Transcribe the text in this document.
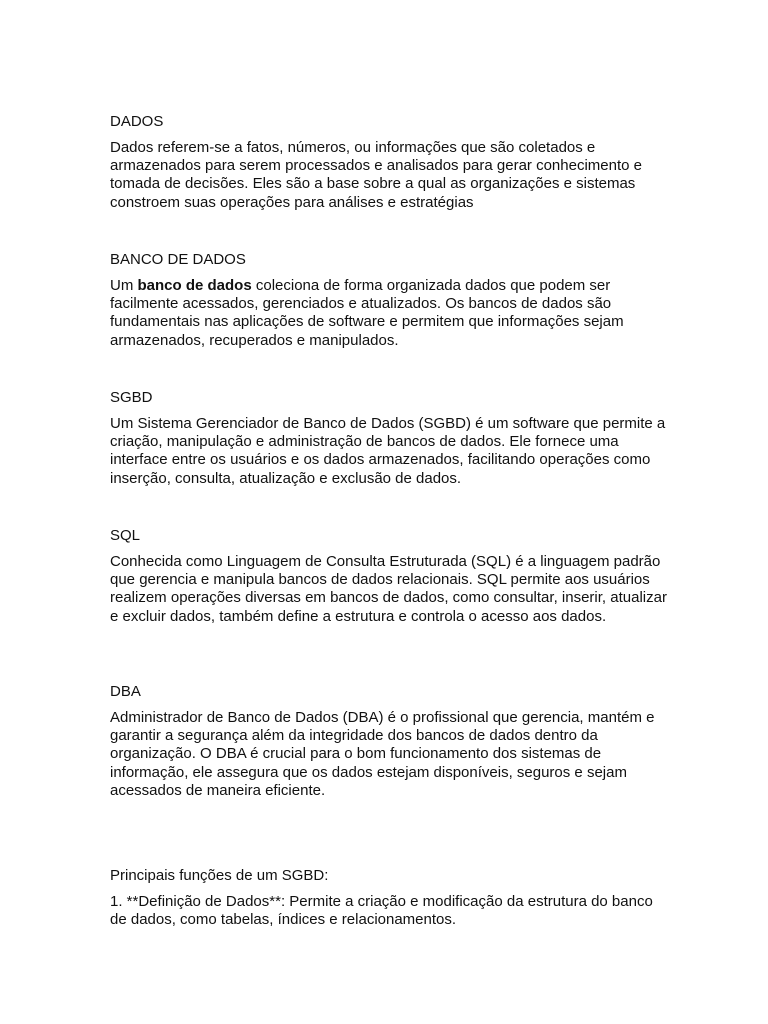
DADOS

Dados referem-se a fatos, números, ou informações que são coletados e armazenados para serem processados e analisados para gerar conhecimento e tomada de decisões. Eles são a base sobre a qual as organizações e sistemas constroem suas operações para análises e estratégias

BANCO DE DADOS

Um banco de dados coleciona de forma organizada dados que podem ser facilmente acessados, gerenciados e atualizados. Os bancos de dados são fundamentais nas aplicações de software e permitem que informações sejam armazenados, recuperados e manipulados.

SGBD

Um Sistema Gerenciador de Banco de Dados (SGBD) é um software que permite a criação, manipulação e administração de bancos de dados. Ele fornece uma interface entre os usuários e os dados armazenados, facilitando operações como inserção, consulta, atualização e exclusão de dados.

SQL

Conhecida como Linguagem de Consulta Estruturada (SQL) é a linguagem padrão que gerencia e manipula bancos de dados relacionais. SQL permite aos usuários realizem operações diversas em bancos de dados, como consultar, inserir, atualizar e excluir dados, também define a estrutura e controla o acesso aos dados.

DBA

Administrador de Banco de Dados (DBA) é o profissional que gerencia, mantém e garantir a segurança além da integridade dos bancos de dados dentro da organização. O DBA é crucial para o bom funcionamento dos sistemas de informação, ele assegura que os dados estejam disponíveis, seguros e sejam acessados de maneira eficiente.

Principais funções de um SGBD:

1. **Definição de Dados**: Permite a criação e modificação da estrutura do banco de dados, como tabelas, índices e relacionamentos.
